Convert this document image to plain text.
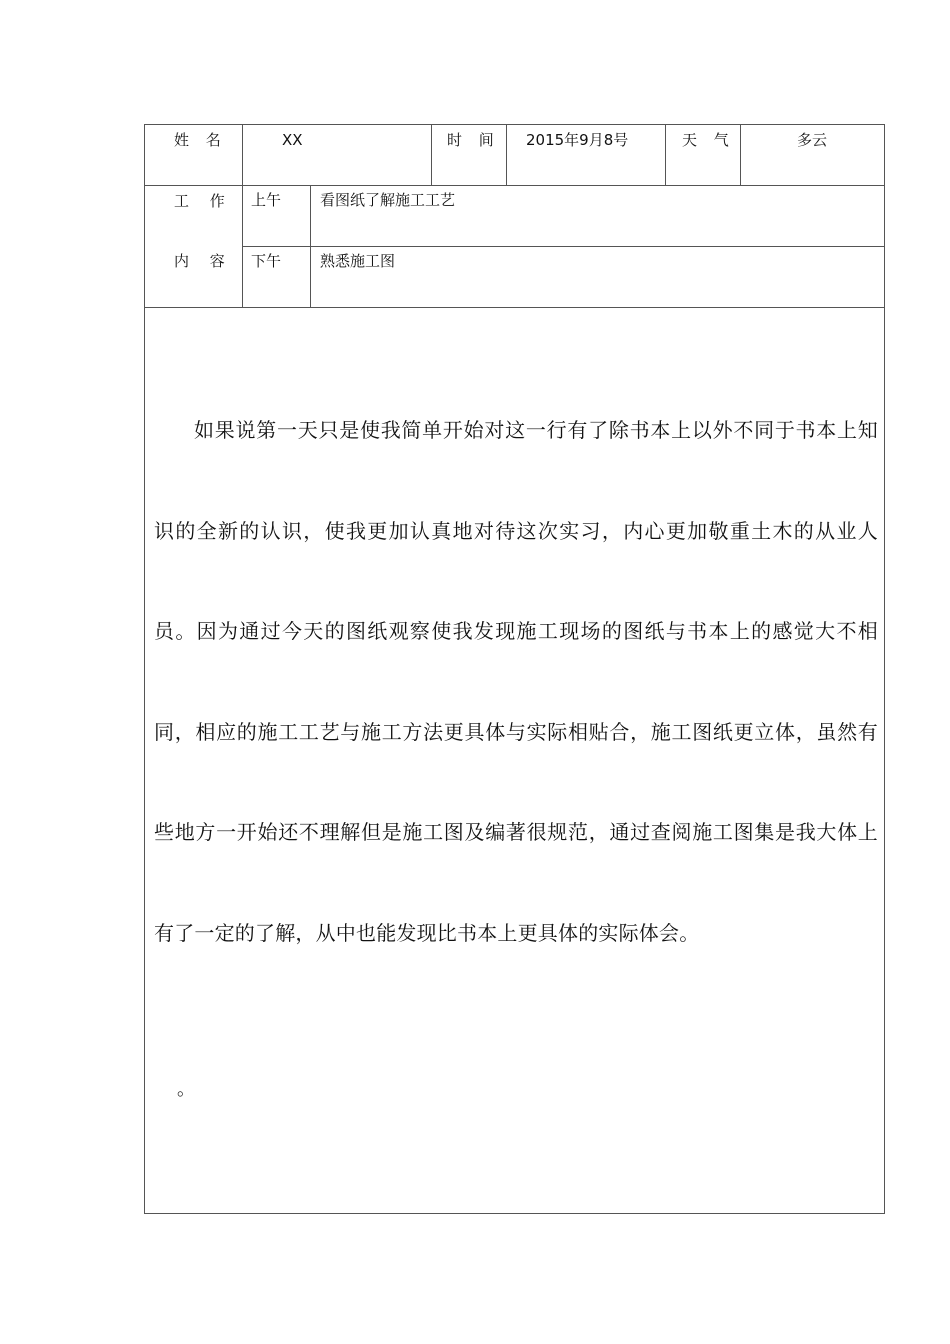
姓 名	XX	时 间 2015年9月8号	天 气	多云
工 作
内 容
上午	看图纸了解施工工艺
下午	熟悉施工图

如果说第一天只是使我简单开始对这一行有了除书本上以外不同于书本上知识的全新的认识，使我更加认真地对待这次实习，内心更加敬重土木的从业人员。因为通过今天的图纸观察使我发现施工现场的图纸与书本上的感觉大不相同，相应的施工工艺与施工方法更具体与实际相贴合，施工图纸更立体，虽然有些地方一开始还不理解但是施工图及编著很规范，通过查阅施工图集是我大体上有了一定的了解，从中也能发现比书本上更具体的实际体会。

。
